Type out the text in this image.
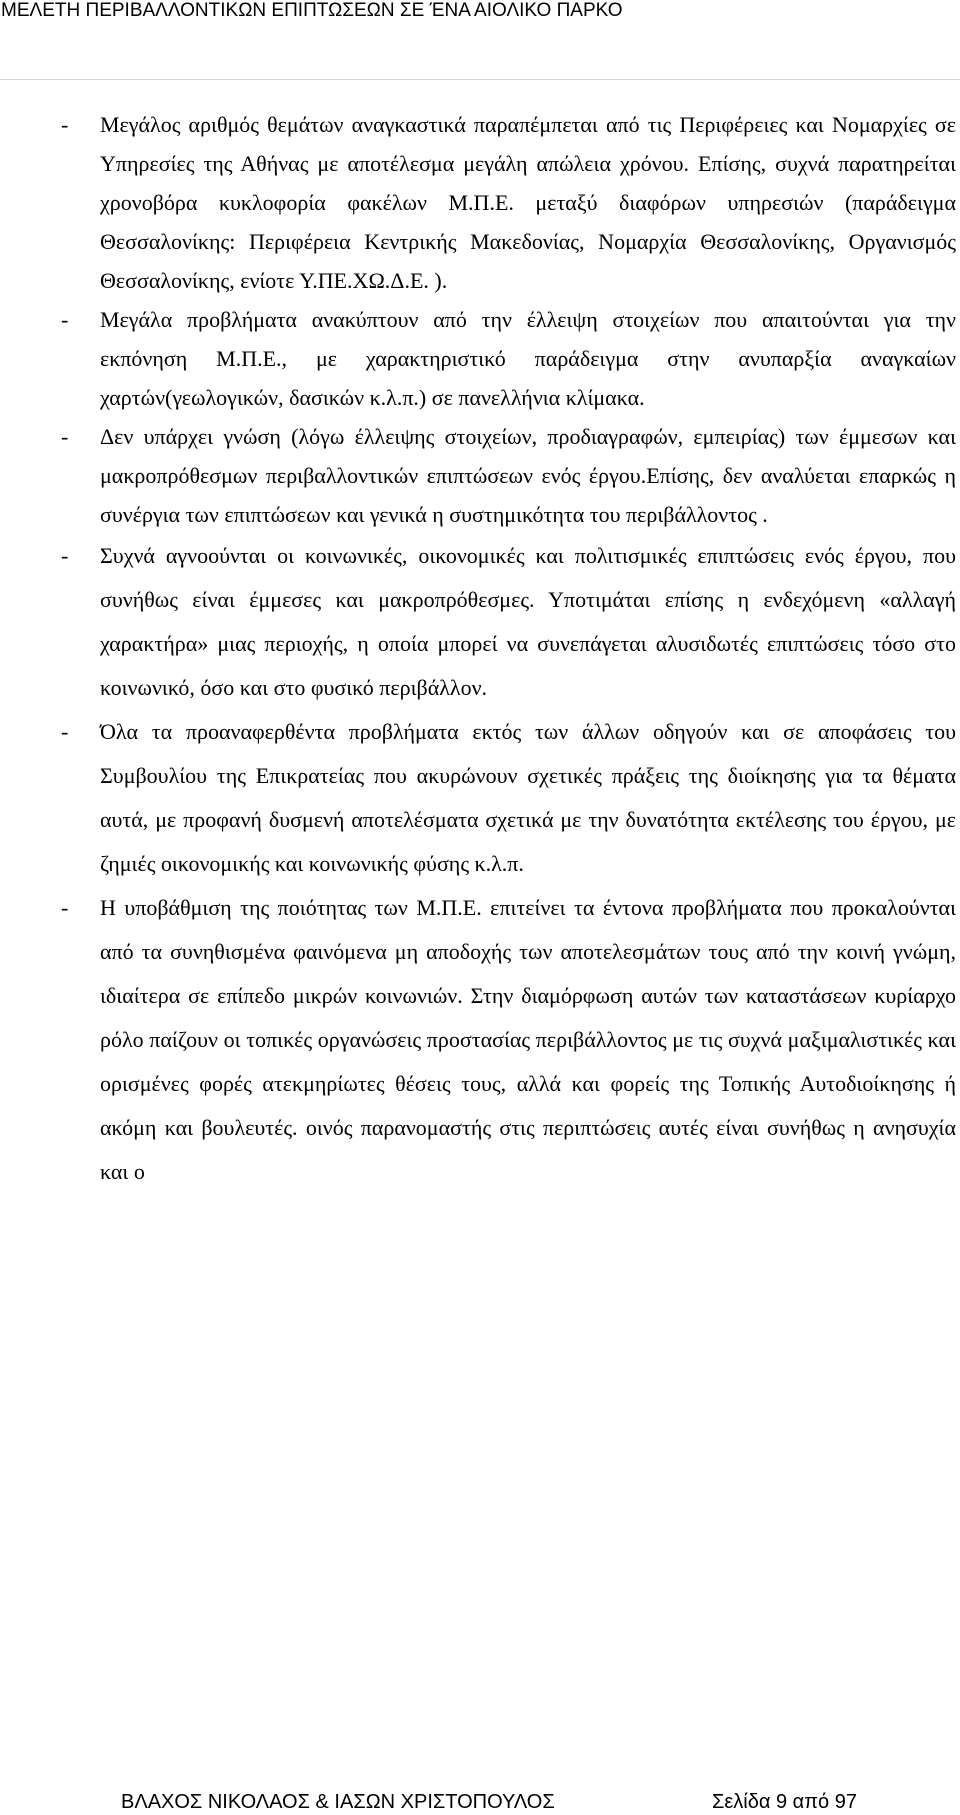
ΜΕΛΕΤΗ ΠΕΡΙΒΑΛΛΟΝΤΙΚΩΝ ΕΠΙΠΤΩΣΕΩΝ ΣΕ ΈΝΑ ΑΙΟΛΙΚΟ ΠΑΡΚΟ
- Μεγάλος αριθμός θεμάτων αναγκαστικά παραπέμπεται από τις Περιφέρειες και Νομαρχίες σε Υπηρεσίες της Αθήνας με αποτέλεσμα μεγάλη απώλεια χρόνου. Επίσης, συχνά παρατηρείται χρονοβόρα κυκλοφορία φακέλων Μ.Π.Ε. μεταξύ διαφόρων υπηρεσιών (παράδειγμα Θεσσαλονίκης: Περιφέρεια Κεντρικής Μακεδονίας, Νομαρχία Θεσσαλονίκης, Οργανισμός Θεσσαλονίκης, ενίοτε Υ.ΠΕ.ΧΩ.Δ.Ε. ).
- Μεγάλα προβλήματα ανακύπτουν από την έλλειψη στοιχείων που απαιτούνται για την εκπόνηση Μ.Π.Ε., με χαρακτηριστικό παράδειγμα στην ανυπαρξία αναγκαίων χαρτών(γεωλογικών, δασικών κ.λ.π.) σε πανελλήνια κλίμακα.
- Δεν υπάρχει γνώση (λόγω έλλειψης στοιχείων, προδιαγραφών, εμπειρίας) των έμμεσων και μακροπρόθεσμων περιβαλλοντικών επιπτώσεων ενός έργου.Επίσης, δεν αναλύεται επαρκώς η συνέργια των επιπτώσεων και γενικά η συστημικότητα του περιβάλλοντος .
- Συχνά αγνοούνται οι κοινωνικές, οικονομικές και πολιτισμικές επιπτώσεις ενός έργου, που συνήθως είναι έμμεσες και μακροπρόθεσμες. Υποτιμάται επίσης η ενδεχόμενη «αλλαγή χαρακτήρα» μιας περιοχής, η οποία μπορεί να συνεπάγεται αλυσιδωτές επιπτώσεις τόσο στο κοινωνικό, όσο και στο φυσικό περιβάλλον.
- Όλα τα προαναφερθέντα προβλήματα εκτός των άλλων οδηγούν και σε αποφάσεις του Συμβουλίου της Επικρατείας που ακυρώνουν σχετικές πράξεις της διοίκησης για τα θέματα αυτά, με προφανή δυσμενή αποτελέσματα σχετικά με την δυνατότητα εκτέλεσης του έργου, με ζημιές οικονομικής και κοινωνικής φύσης κ.λ.π.
- Η υποβάθμιση της ποιότητας των Μ.Π.Ε. επιτείνει τα έντονα προβλήματα που προκαλούνται από τα συνηθισμένα φαινόμενα μη αποδοχής των αποτελεσμάτων τους από την κοινή γνώμη, ιδιαίτερα σε επίπεδο μικρών κοινωνιών. Στην διαμόρφωση αυτών των καταστάσεων κυρίαρχο ρόλο παίζουν οι τοπικές οργανώσεις προστασίας περιβάλλοντος με τις συχνά μαξιμαλιστικές και ορισμένες φορές ατεκμηρίωτες θέσεις τους, αλλά και φορείς της Τοπικής Αυτοδιοίκησης ή ακόμη και βουλευτές. οινός παρανομαστής στις περιπτώσεις αυτές είναι συνήθως η ανησυχία και ο
ΒΛΑΧΟΣ ΝΙΚΟΛΑΟΣ & ΙΑΣΩΝ ΧΡΙΣΤΟΠΟΥΛΟΣ	Σελίδα 9 από 97
